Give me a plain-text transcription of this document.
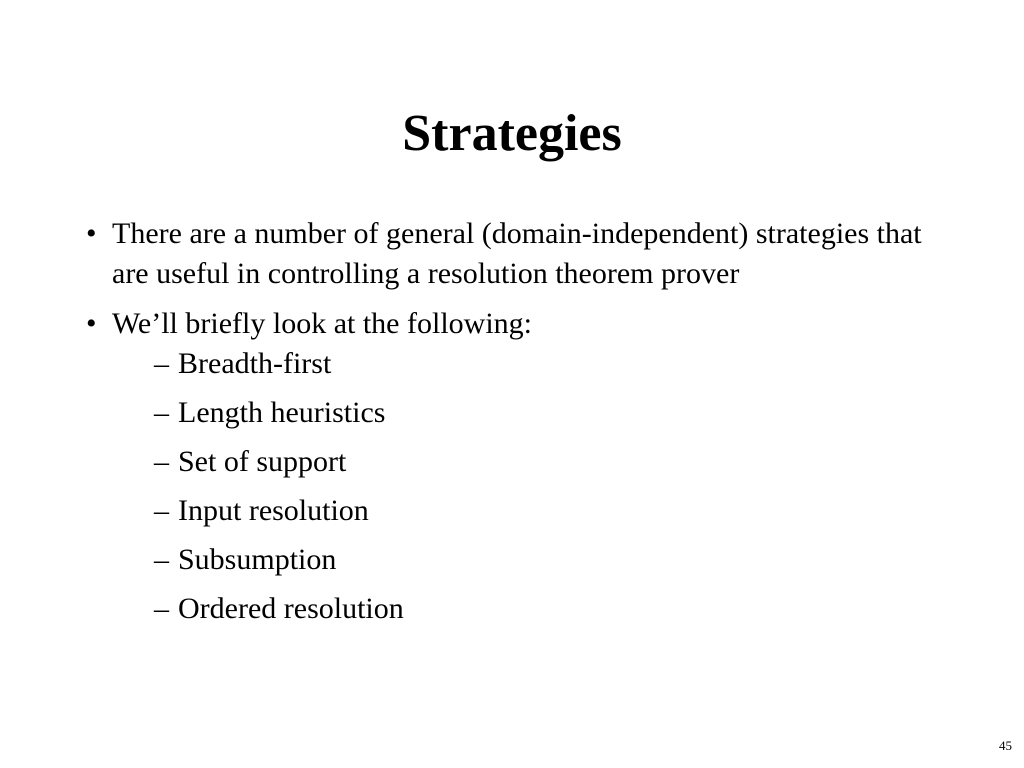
Strategies
• There are a number of general (domain-independent) strategies that are useful in controlling a resolution theorem prover
• We’ll briefly look at the following:
– Breadth-first
– Length heuristics
– Set of support
– Input resolution
– Subsumption
– Ordered resolution
45
